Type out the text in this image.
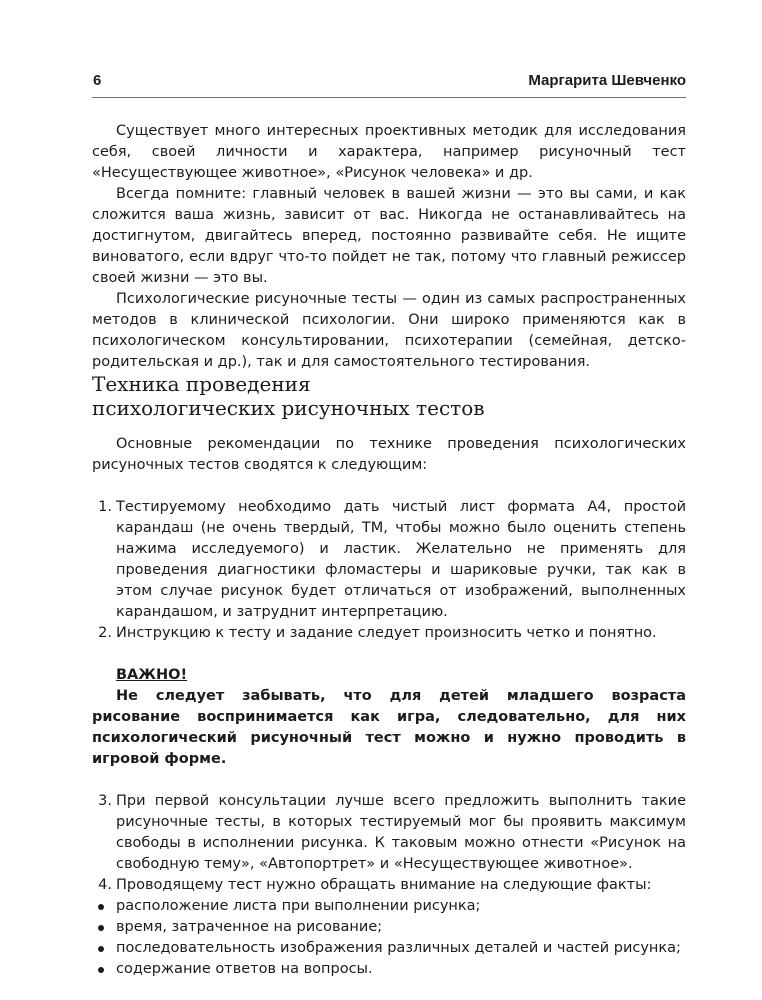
6	Маргарита Шевченко

Существует много интересных проективных методик для исследования себя, своей личности и характера, например рисуночный тест «Несуществующее животное», «Рисунок человека» и др.

Всегда помните: главный человек в вашей жизни — это вы сами, и как сложится ваша жизнь, зависит от вас. Никогда не останавливайтесь на достигнутом, двигайтесь вперед, постоянно развивайте себя. Не ищите виноватого, если вдруг что-то пойдет не так, потому что главный режиссер своей жизни — это вы.

Психологические рисуночные тесты — один из самых распространенных методов в клинической психологии. Они широко применяются как в психологическом консультировании, психотерапии (семейная, детско-родительская и др.), так и для самостоятельного тестирования.

Техника проведения
психологических рисуночных тестов

Основные рекомендации по технике проведения психологических рисуночных тестов сводятся к следующим:

1. Тестируемому необходимо дать чистый лист формата А4, простой карандаш (не очень твердый, ТМ, чтобы можно было оценить степень нажима исследуемого) и ластик. Желательно не применять для проведения диагностики фломастеры и шариковые ручки, так как в этом случае рисунок будет отличаться от изображений, выполненных карандашом, и затруднит интерпретацию.
2. Инструкцию к тесту и задание следует произносить четко и понятно.

ВАЖНО!

Не следует забывать, что для детей младшего возраста рисование воспринимается как игра, следовательно, для них психологический рисуночный тест можно и нужно проводить в игровой форме.

3. При первой консультации лучше всего предложить выполнить такие рисуночные тесты, в которых тестируемый мог бы проявить максимум свободы в исполнении рисунка. К таковым можно отнести «Рисунок на свободную тему», «Автопортрет» и «Несуществующее животное».
4. Проводящему тест нужно обращать внимание на следующие факты:
расположение листа при выполнении рисунка;
время, затраченное на рисование;
последовательность изображения различных деталей и частей рисунка;
содержание ответов на вопросы.
